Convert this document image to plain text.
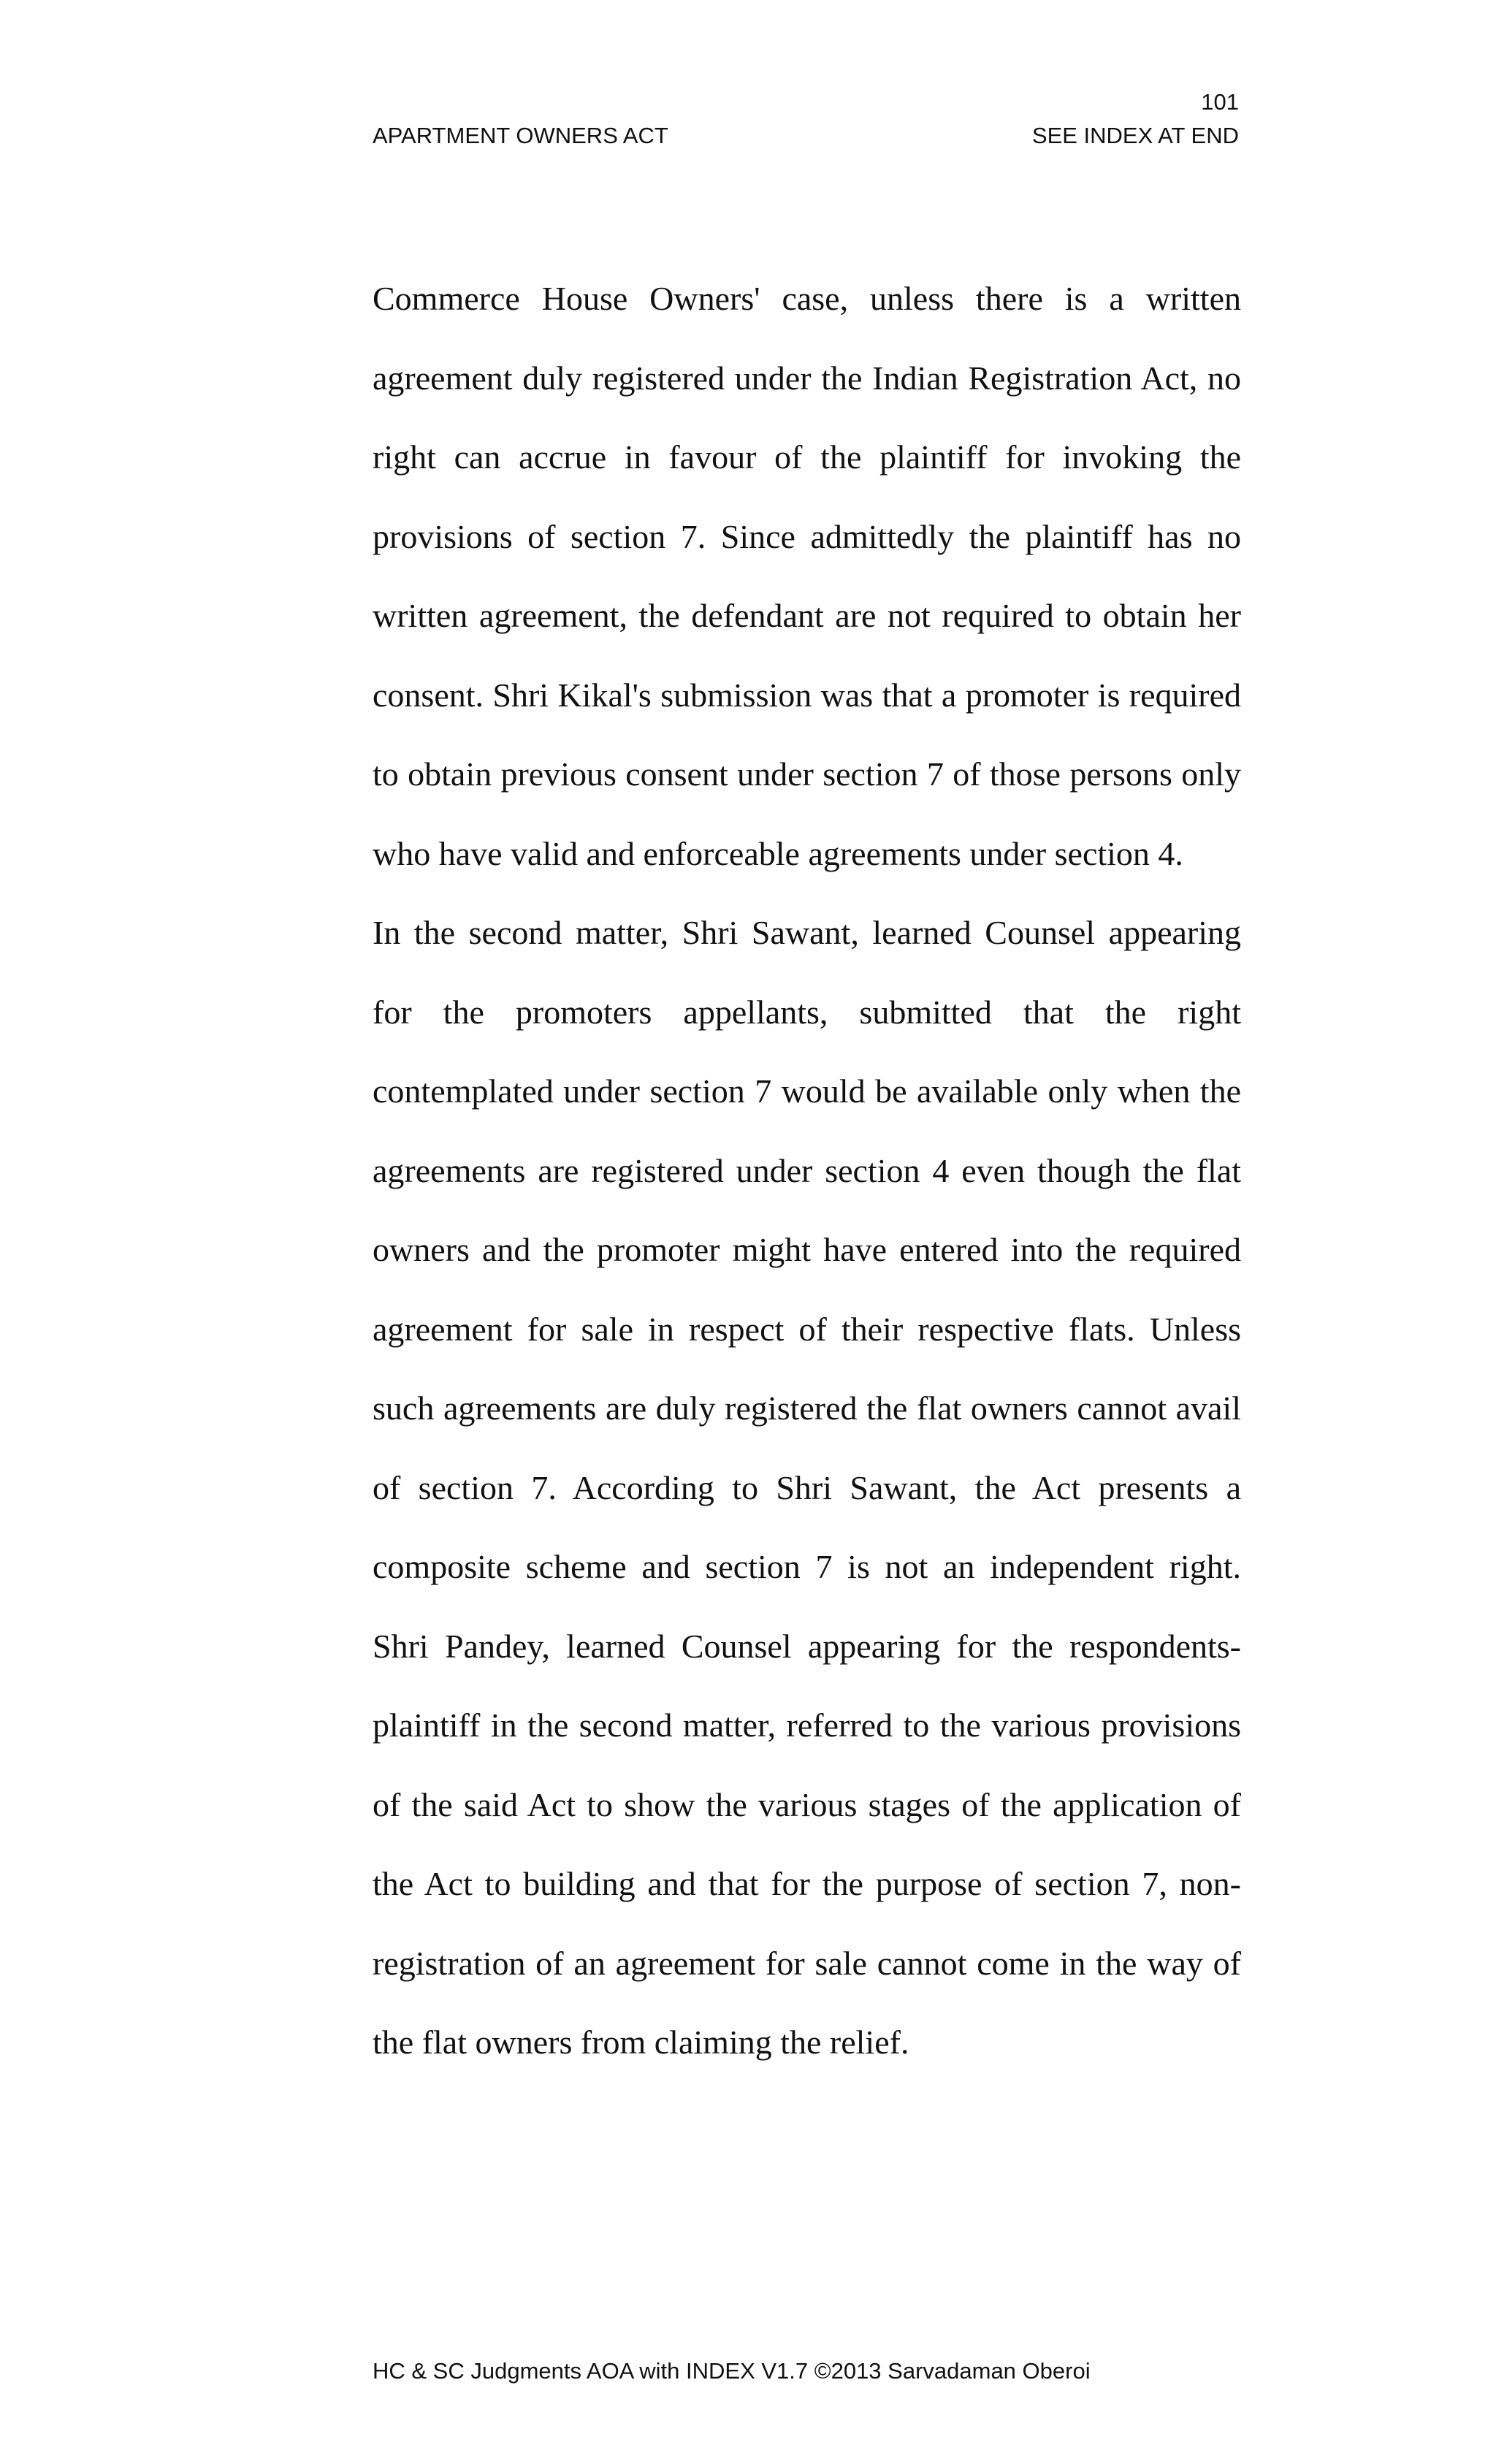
101

APARTMENT OWNERS ACT	SEE INDEX AT END

Commerce House Owners' case, unless there is a written agreement duly registered under the Indian Registration Act, no right can accrue in favour of the plaintiff for invoking the provisions of section 7. Since admittedly the plaintiff has no written agreement, the defendant are not required to obtain her consent. Shri Kikal's submission was that a promoter is required to obtain previous consent under section 7 of those persons only who have valid and enforceable agreements under section 4.

In the second matter, Shri Sawant, learned Counsel appearing for the promoters appellants, submitted that the right contemplated under section 7 would be available only when the agreements are registered under section 4 even though the flat owners and the promoter might have entered into the required agreement for sale in respect of their respective flats. Unless such agreements are duly registered the flat owners cannot avail of section 7. According to Shri Sawant, the Act presents a composite scheme and section 7 is not an independent right. Shri Pandey, learned Counsel appearing for the respondents-plaintiff in the second matter, referred to the various provisions of the said Act to show the various stages of the application of the Act to building and that for the purpose of section 7, non-registration of an agreement for sale cannot come in the way of the flat owners from claiming the relief.

HC & SC Judgments AOA with INDEX V1.7 ©2013 Sarvadaman Oberoi
